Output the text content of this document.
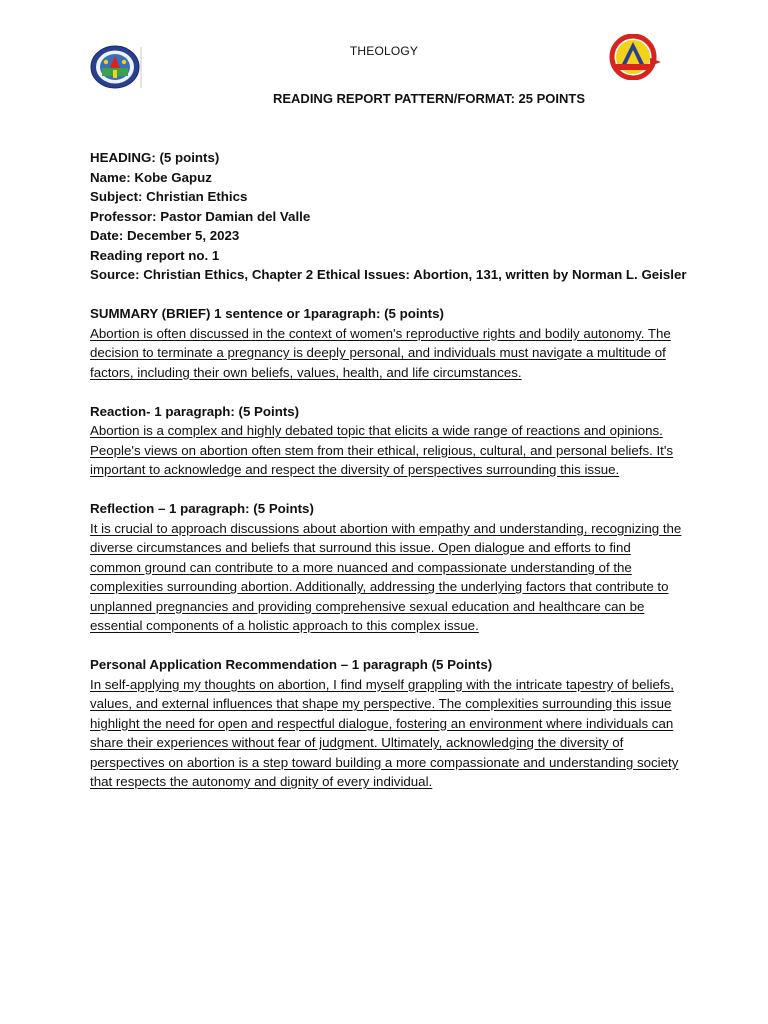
THEOLOGY
READING REPORT PATTERN/FORMAT: 25 POINTS
HEADING: (5 points)
Name: Kobe Gapuz
Subject: Christian Ethics
Professor: Pastor Damian del Valle
Date: December 5, 2023
Reading report no. 1
Source: Christian Ethics, Chapter 2 Ethical Issues: Abortion, 131, written by Norman L. Geisler
SUMMARY (BRIEF) 1 sentence or 1paragraph: (5 points)
Abortion is often discussed in the context of women's reproductive rights and bodily autonomy. The decision to terminate a pregnancy is deeply personal, and individuals must navigate a multitude of factors, including their own beliefs, values, health, and life circumstances.
Reaction- 1 paragraph: (5 Points)
Abortion is a complex and highly debated topic that elicits a wide range of reactions and opinions. People's views on abortion often stem from their ethical, religious, cultural, and personal beliefs. It's important to acknowledge and respect the diversity of perspectives surrounding this issue.
Reflection – 1 paragraph: (5 Points)
It is crucial to approach discussions about abortion with empathy and understanding, recognizing the diverse circumstances and beliefs that surround this issue. Open dialogue and efforts to find common ground can contribute to a more nuanced and compassionate understanding of the complexities surrounding abortion. Additionally, addressing the underlying factors that contribute to unplanned pregnancies and providing comprehensive sexual education and healthcare can be essential components of a holistic approach to this complex issue.
Personal Application Recommendation – 1 paragraph (5 Points)
In self-applying my thoughts on abortion, I find myself grappling with the intricate tapestry of beliefs, values, and external influences that shape my perspective. The complexities surrounding this issue highlight the need for open and respectful dialogue, fostering an environment where individuals can share their experiences without fear of judgment. Ultimately, acknowledging the diversity of perspectives on abortion is a step toward building a more compassionate and understanding society that respects the autonomy and dignity of every individual.
